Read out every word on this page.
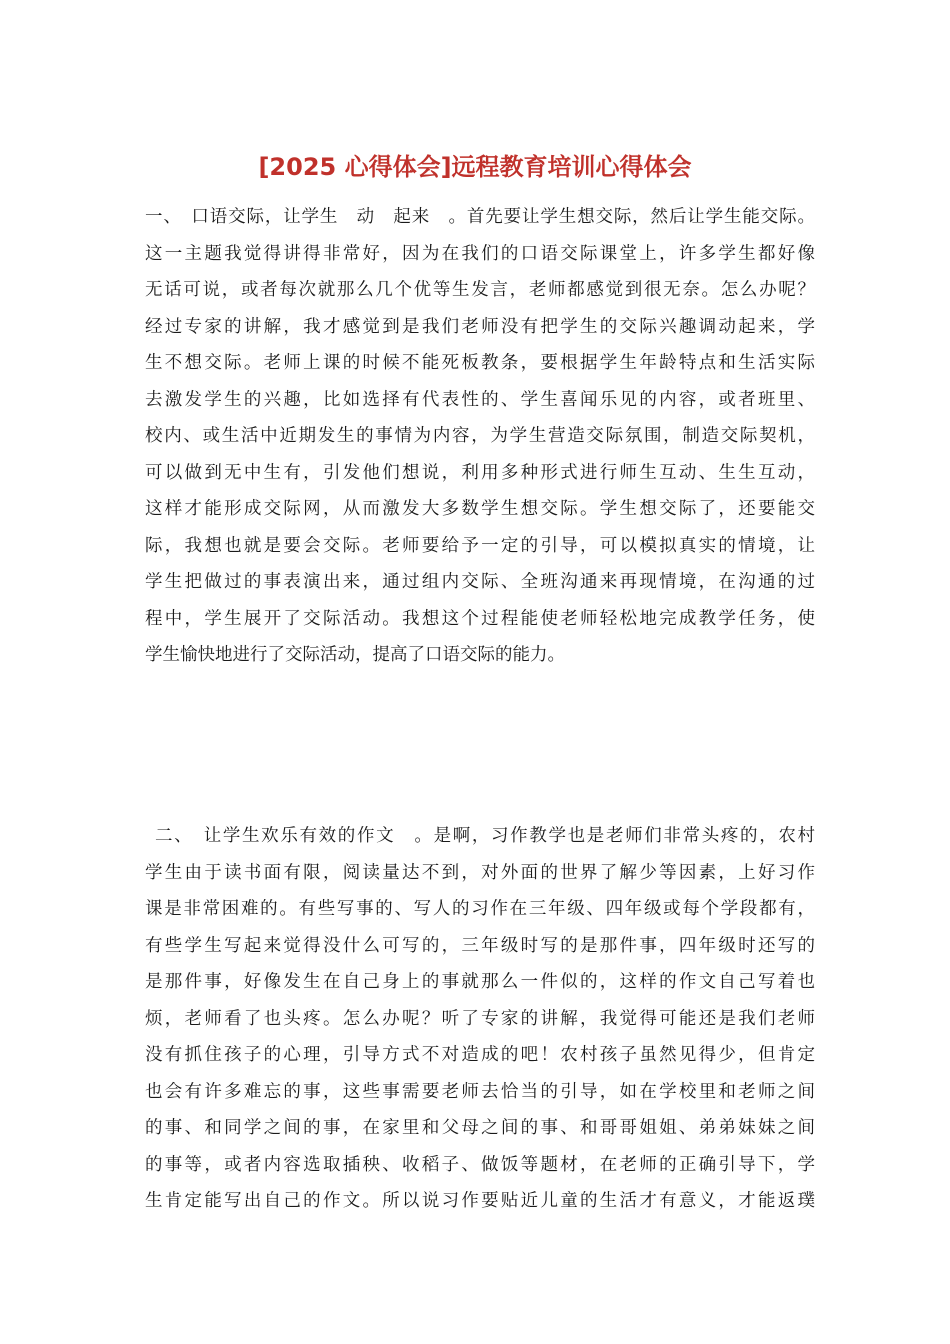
[2025 心得体会]远程教育培训心得体会
一、　口语交际，让学生　动　起来　。首先要让学生想交际，然后让学生能交际。
这一主题我觉得讲得非常好，因为在我们的口语交际课堂上，许多学生都好像
无话可说，或者每次就那么几个优等生发言，老师都感觉到很无奈。怎么办呢？
经过专家的讲解，我才感觉到是我们老师没有把学生的交际兴趣调动起来，学
生不想交际。老师上课的时候不能死板教条，要根据学生年龄特点和生活实际
去激发学生的兴趣，比如选择有代表性的、学生喜闻乐见的内容，或者班里、
校内、或生活中近期发生的事情为内容，为学生营造交际氛围，制造交际契机，
可以做到无中生有，引发他们想说，利用多种形式进行师生互动、生生互动，
这样才能形成交际网，从而激发大多数学生想交际。学生想交际了，还要能交
际，我想也就是要会交际。老师要给予一定的引导，可以模拟真实的情境，让
学生把做过的事表演出来，通过组内交际、全班沟通来再现情境，在沟通的过
程中，学生展开了交际活动。我想这个过程能使老师轻松地完成教学任务，使
学生愉快地进行了交际活动，提高了口语交际的能力。
二、　让学生欢乐有效的作文　。是啊，习作教学也是老师们非常头疼的，农村
学生由于读书面有限，阅读量达不到，对外面的世界了解少等因素，上好习作
课是非常困难的。有些写事的、写人的习作在三年级、四年级或每个学段都有，
有些学生写起来觉得没什么可写的，三年级时写的是那件事，四年级时还写的
是那件事，好像发生在自己身上的事就那么一件似的，这样的作文自己写着也
烦，老师看了也头疼。怎么办呢？听了专家的讲解，我觉得可能还是我们老师
没有抓住孩子的心理，引导方式不对造成的吧！农村孩子虽然见得少，但肯定
也会有许多难忘的事，这些事需要老师去恰当的引导，如在学校里和老师之间
的事、和同学之间的事，在家里和父母之间的事、和哥哥姐姐、弟弟妹妹之间
的事等，或者内容选取插秧、收稻子、做饭等题材，在老师的正确引导下，学
生肯定能写出自己的作文。所以说习作要贴近儿童的生活才有意义，才能返璞
